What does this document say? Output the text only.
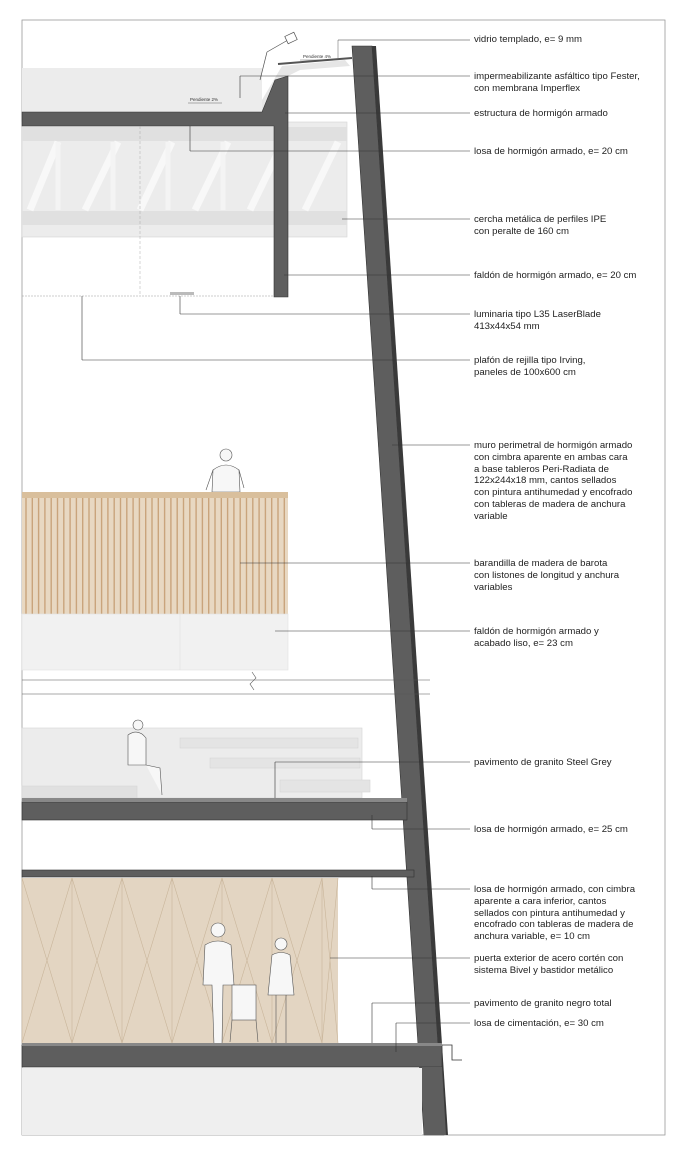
Pendiente 2%
Pendiente 4%
vidrio templado, e= 9 mm
impermeabilizante asfáltico tipo Fester,
con membrana Imperflex
estructura de hormigón armado
losa de hormigón armado, e= 20 cm
cercha metálica de perfiles IPE
con peralte de 160 cm
faldón de hormigón armado, e= 20 cm
luminaria tipo L35 LaserBlade
413x44x54 mm
plafón de rejilla tipo Irving,
paneles de 100x600 cm
muro perimetral de hormigón armado
con cimbra aparente en ambas cara
a base tableros Peri-Radiata de
122x244x18 mm, cantos sellados
con pintura antihumedad y encofrado
con tableras de madera de anchura
variable
barandilla de madera de barota
con listones de longitud y anchura
variables
faldón de hormigón armado y
acabado liso, e= 23 cm
pavimento de granito Steel Grey
losa de hormigón armado, e= 25 cm
losa de hormigón armado, con cimbra
aparente a cara inferior, cantos
sellados con pintura antihumedad y
encofrado con tableras de madera de
anchura variable, e= 10 cm
puerta exterior de acero cortén con
sistema Bivel y bastidor metálico
pavimento de granito negro total
losa de cimentación, e= 30 cm
